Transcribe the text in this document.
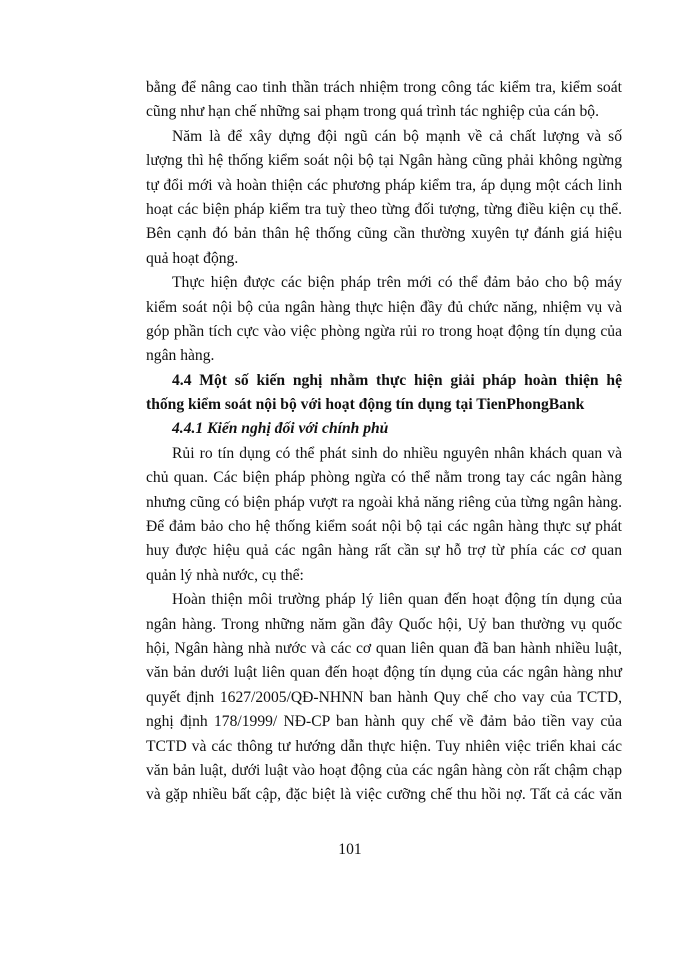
bằng để nâng cao tinh thần trách nhiệm trong công tác kiểm tra, kiểm soát
cũng như hạn chế những sai phạm trong quá trình tác nghiệp của cán bộ.
Năm là để xây dựng đội ngũ cán bộ mạnh về cả chất lượng và số
lượng thì hệ thống kiểm soát nội bộ tại Ngân hàng cũng phải không ngừng
tự đổi mới và hoàn thiện các phương pháp kiểm tra, áp dụng một cách linh
hoạt các biện pháp kiểm tra tuỳ theo từng đối tượng, từng điều kiện cụ thể.
Bên cạnh đó bản thân hệ thống cũng cần thường xuyên tự đánh giá hiệu
quả hoạt động.
Thực hiện được các biện pháp trên mới có thể đảm bảo cho bộ máy
kiểm soát nội bộ của ngân hàng thực hiện đầy đủ chức năng, nhiệm vụ và
góp phần tích cực vào việc phòng ngừa rủi ro trong hoạt động tín dụng của
ngân hàng.
4.4 Một số kiến nghị nhằm thực hiện giải pháp hoàn thiện hệ
thống kiểm soát nội bộ với hoạt động tín dụng tại TienPhongBank
4.4.1 Kiến nghị đối với chính phủ
Rủi ro tín dụng có thể phát sinh do nhiều nguyên nhân khách quan và
chủ quan. Các biện pháp phòng ngừa có thể nằm trong tay các ngân hàng
nhưng cũng có biện pháp vượt ra ngoài khả năng riêng của từng ngân hàng.
Để đảm bảo cho hệ thống kiểm soát nội bộ tại các ngân hàng thực sự phát
huy được hiệu quả các ngân hàng rất cần sự hỗ trợ từ phía các cơ quan
quản lý nhà nước, cụ thể:
Hoàn thiện môi trường pháp lý liên quan đến hoạt động tín dụng của
ngân hàng. Trong những năm gần đây Quốc hội, Uỷ ban thường vụ quốc
hội, Ngân hàng nhà nước và các cơ quan liên quan đã ban hành nhiều luật,
văn bản dưới luật liên quan đến hoạt động tín dụng của các ngân hàng như
quyết định 1627/2005/QĐ-NHNN ban hành Quy chế cho vay của TCTD,
nghị định 178/1999/ NĐ-CP ban hành quy chế về đảm bảo tiền vay của
TCTD và các thông tư hướng dẫn thực hiện. Tuy nhiên việc triển khai các
văn bản luật, dưới luật vào hoạt động của các ngân hàng còn rất chậm chạp
và gặp nhiều bất cập, đặc biệt là việc cưỡng chế thu hồi nợ. Tất cả các văn
101
